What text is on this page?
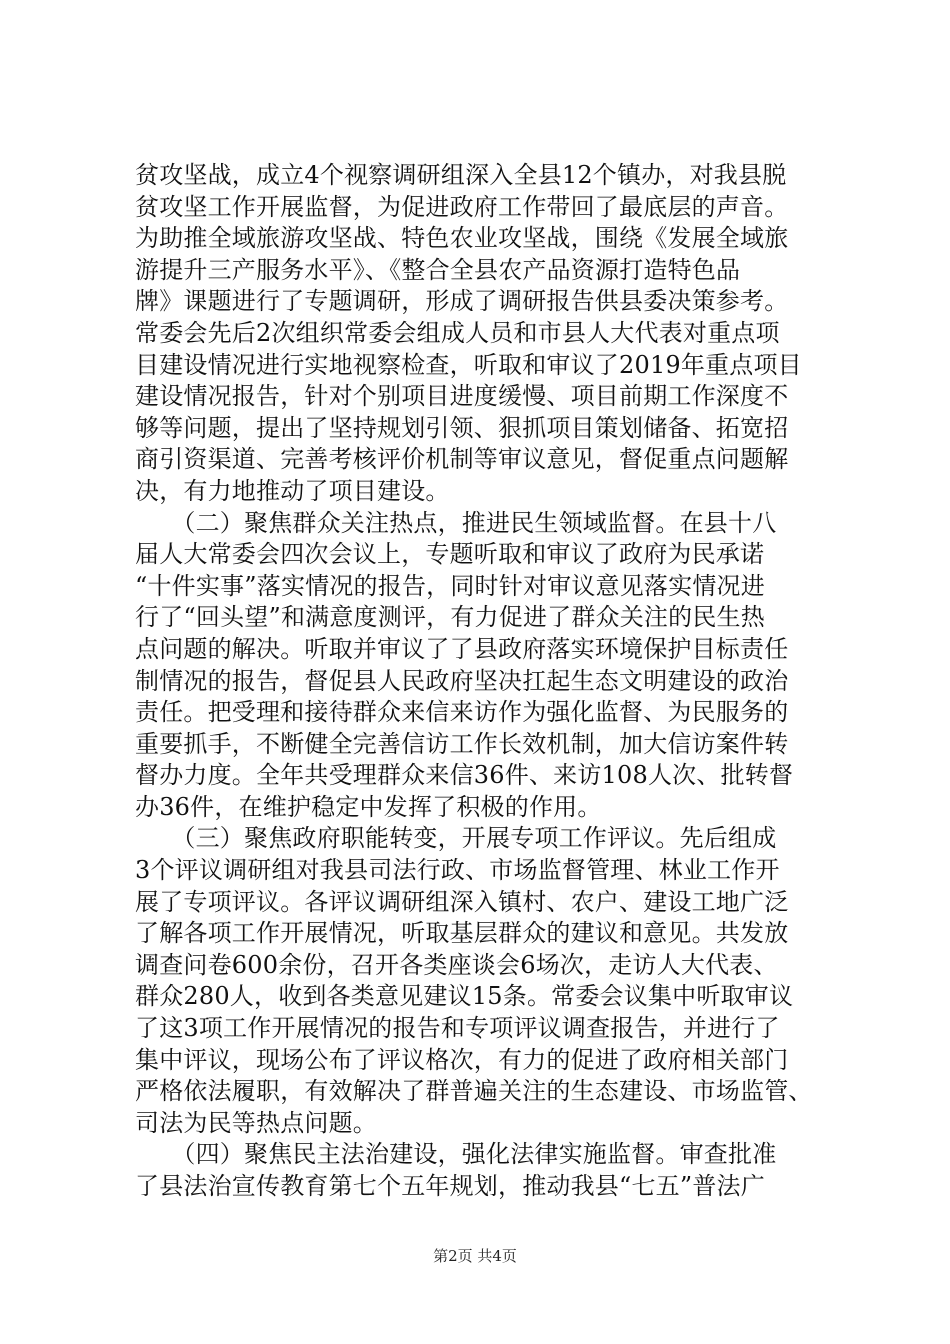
贫攻坚战，成立4个视察调研组深入全县12个镇办，对我县脱
贫攻坚工作开展监督，为促进政府工作带回了最底层的声音。
为助推全域旅游攻坚战、特色农业攻坚战，围绕《发展全域旅
游提升三产服务水平》、《整合全县农产品资源打造特色品
牌》课题进行了专题调研，形成了调研报告供县委决策参考。
常委会先后2次组织常委会组成人员和市县人大代表对重点项
目建设情况进行实地视察检查，听取和审议了2019年重点项目
建设情况报告，针对个别项目进度缓慢、项目前期工作深度不
够等问题，提出了坚持规划引领、狠抓项目策划储备、拓宽招
商引资渠道、完善考核评价机制等审议意见，督促重点问题解
决，有力地推动了项目建设。
　　（二）聚焦群众关注热点，推进民生领域监督。在县十八
届人大常委会四次会议上，专题听取和审议了政府为民承诺
“十件实事”落实情况的报告，同时针对审议意见落实情况进
行了“回头望”和满意度测评，有力促进了群众关注的民生热
点问题的解决。听取并审议了了县政府落实环境保护目标责任
制情况的报告，督促县人民政府坚决扛起生态文明建设的政治
责任。把受理和接待群众来信来访作为强化监督、为民服务的
重要抓手，不断健全完善信访工作长效机制，加大信访案件转
督办力度。全年共受理群众来信36件、来访108人次、批转督
办36件，在维护稳定中发挥了积极的作用。
　　（三）聚焦政府职能转变，开展专项工作评议。先后组成
3个评议调研组对我县司法行政、市场监督管理、林业工作开
展了专项评议。各评议调研组深入镇村、农户、建设工地广泛
了解各项工作开展情况，听取基层群众的建议和意见。共发放
调查问卷600余份，召开各类座谈会6场次，走访人大代表、
群众280人，收到各类意见建议15条。常委会议集中听取审议
了这3项工作开展情况的报告和专项评议调查报告，并进行了
集中评议，现场公布了评议格次，有力的促进了政府相关部门
严格依法履职，有效解决了群普遍关注的生态建设、市场监管、
司法为民等热点问题。
　　（四）聚焦民主法治建设，强化法律实施监督。审查批准
了县法治宣传教育第七个五年规划，推动我县“七五”普法广
第2页 共4页
